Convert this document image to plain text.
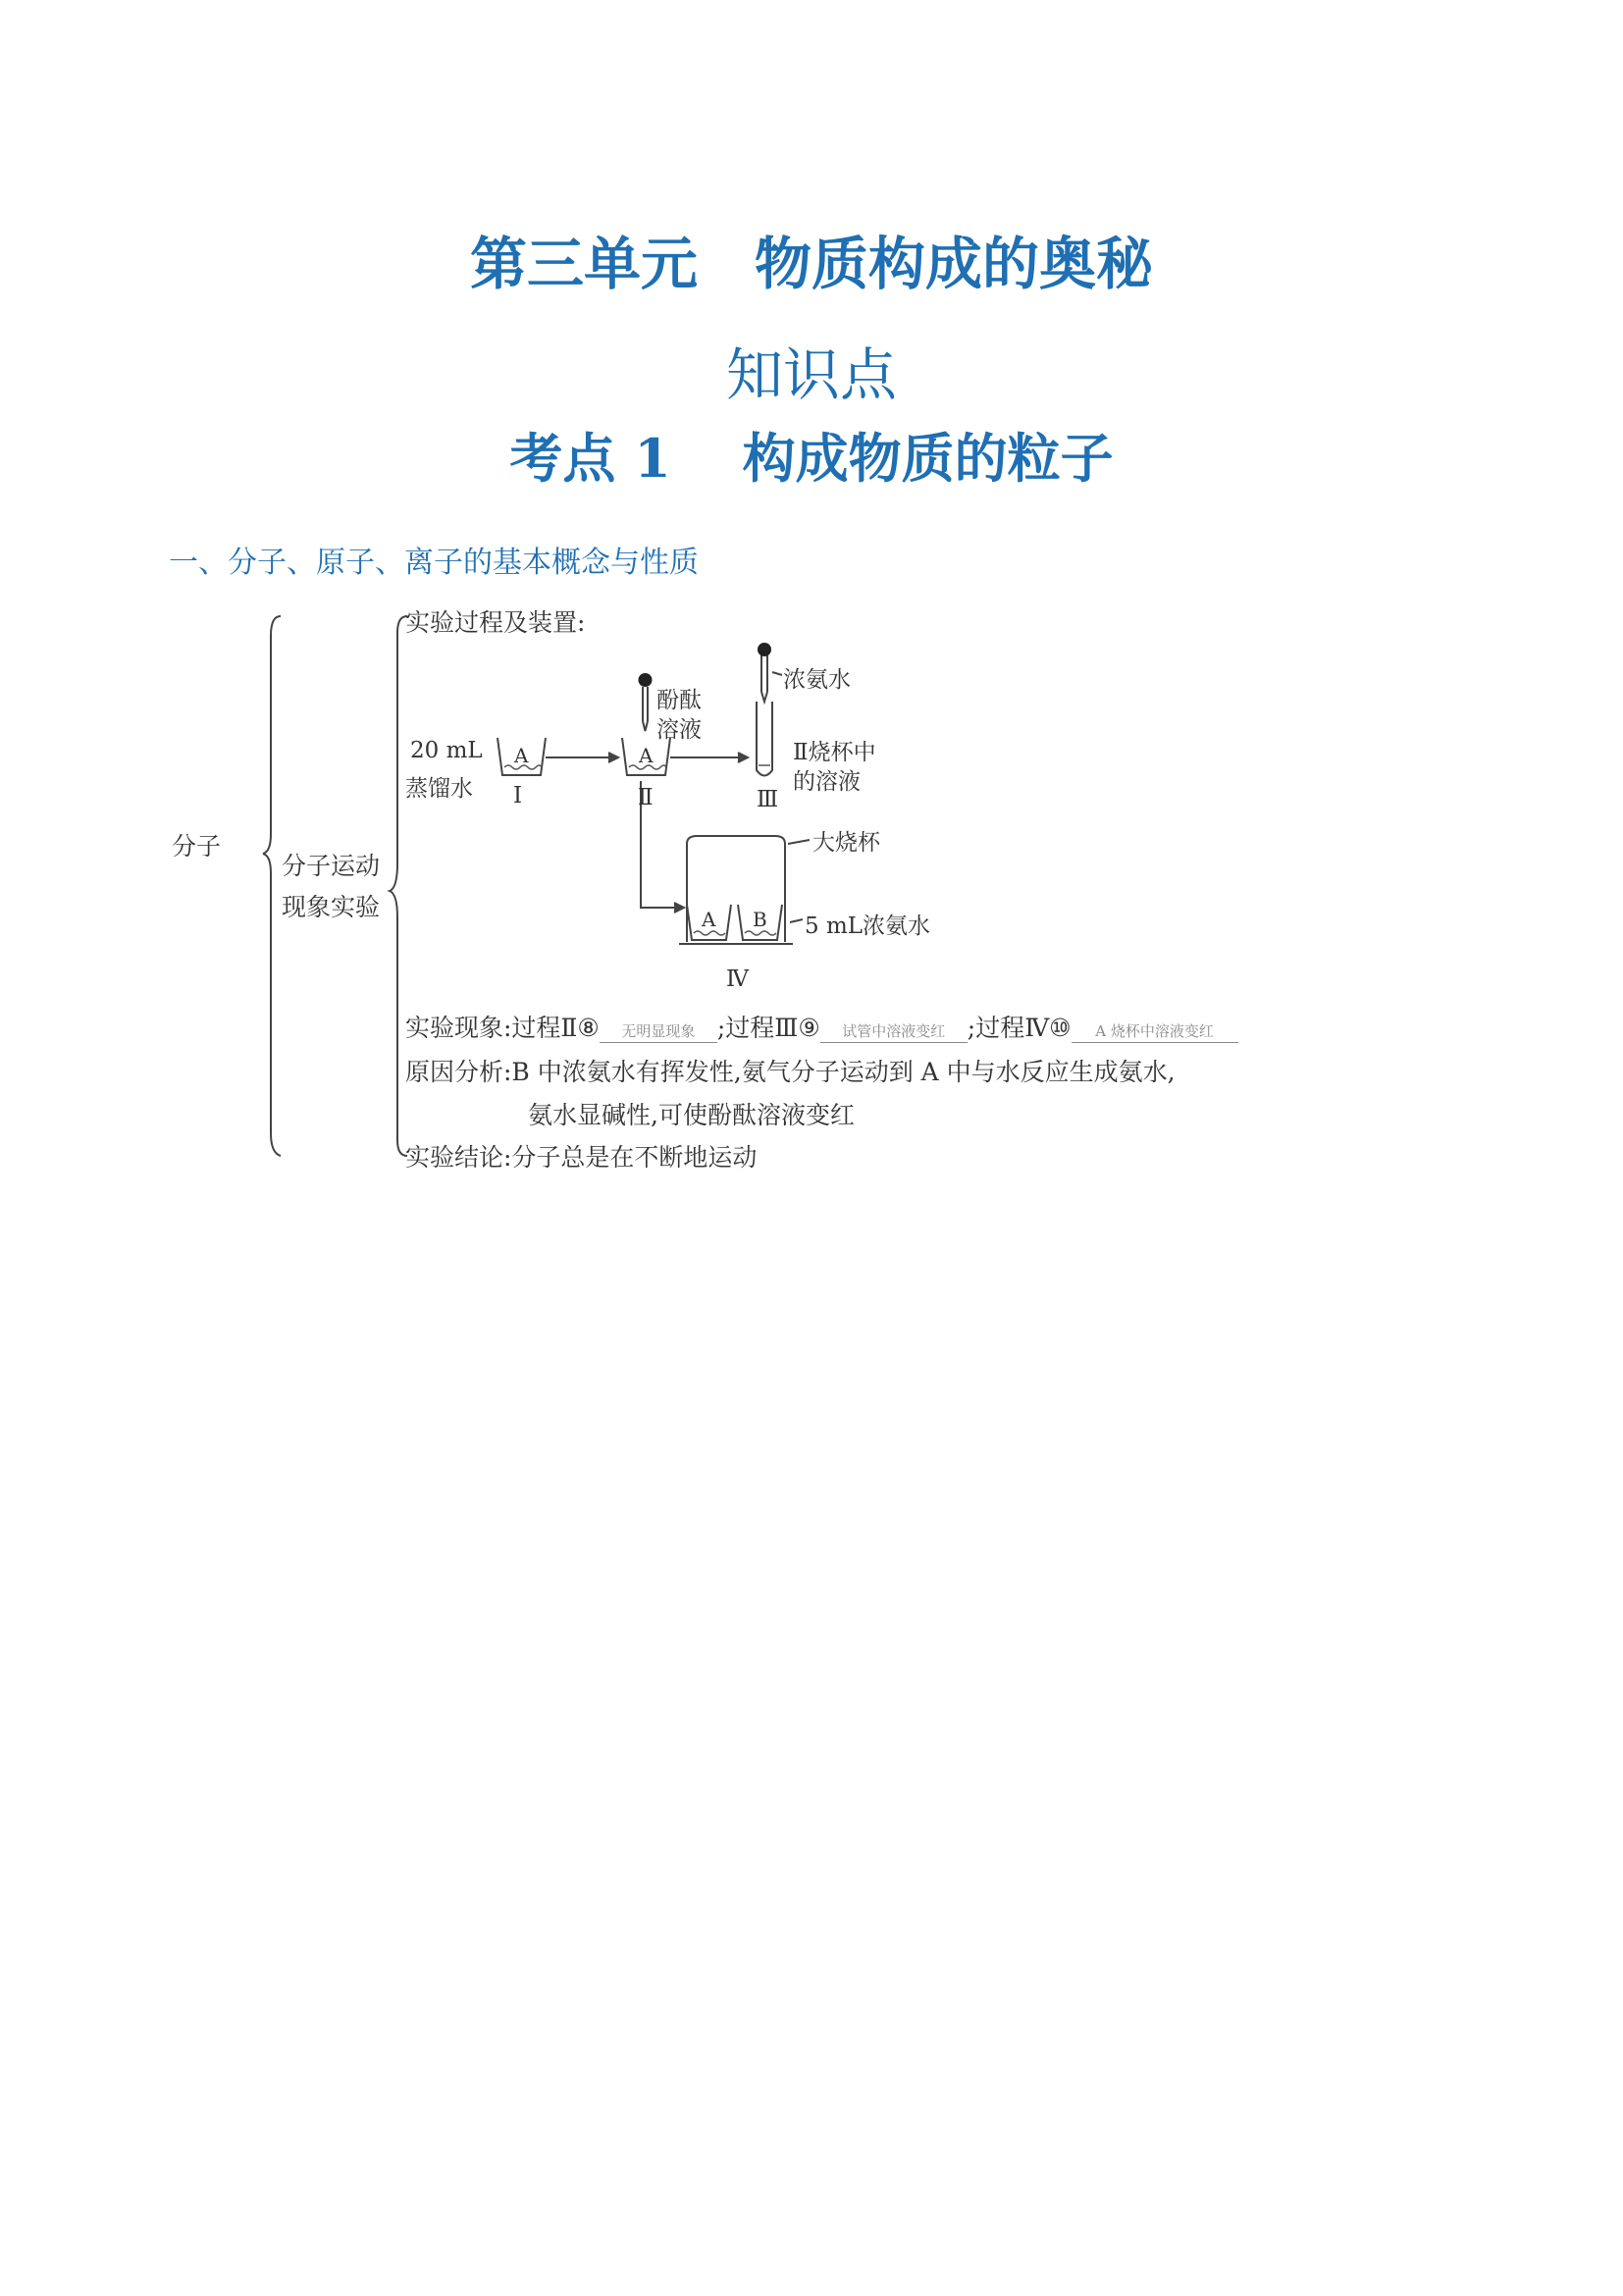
第三单元　物质构成的奥秘
知识点
考点 1　 构成物质的粒子
一、分子、原子、离子的基本概念与性质
A	A
A B
分子
分子运动
现象实验
实验过程及装置:
20 mL
蒸馏水 Ⅰ
酚酞
溶液
Ⅱ
浓氨水
Ⅱ烧杯中
的溶液
Ⅲ
大烧杯
5 mL浓氨水
Ⅳ
实验现象:过程Ⅱ⑧ 无明显现象 ;过程Ⅲ⑨ 试管中溶液变红 ;过程Ⅳ⑩ A 烧杯中溶液变红
原因分析:B 中浓氨水有挥发性,氨气分子运动到 A 中与水反应生成氨水,
氨水显碱性,可使酚酞溶液变红
实验结论:分子总是在不断地运动
